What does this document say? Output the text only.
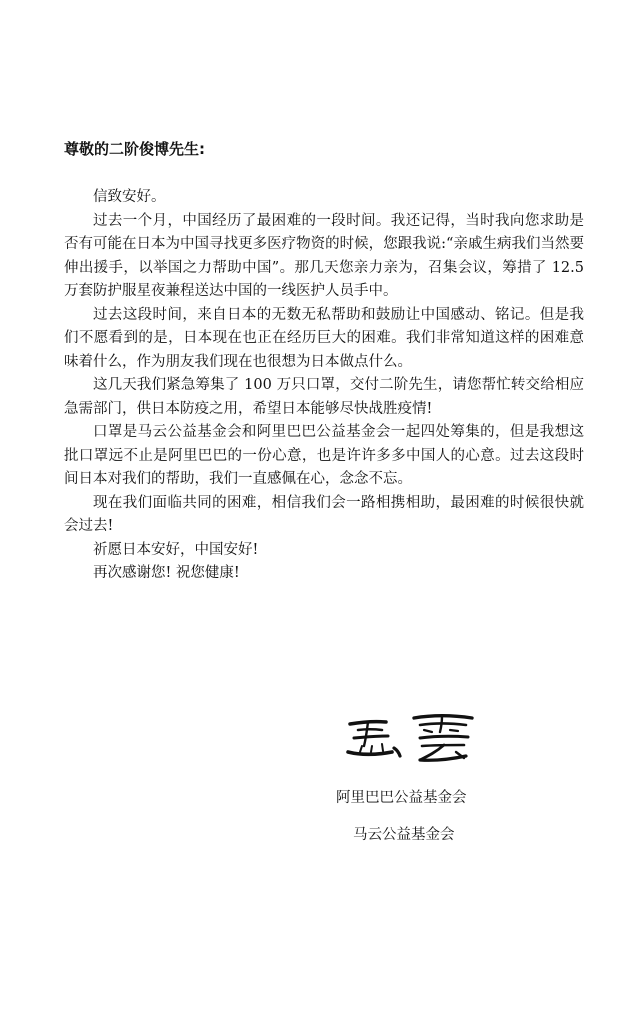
尊敬的二阶俊博先生:

信致安好。

过去一个月，中国经历了最困难的一段时间。我还记得，当时我向您求助是否有可能在日本为中国寻找更多医疗物资的时候，您跟我说:“亲戚生病我们当然要伸出援手，以举国之力帮助中国”。那几天您亲力亲为，召集会议，筹措了 12.5 万套防护服星夜兼程送达中国的一线医护人员手中。

过去这段时间，来自日本的无数无私帮助和鼓励让中国感动、铭记。但是我们不愿看到的是，日本现在也正在经历巨大的困难。我们非常知道这样的困难意味着什么，作为朋友我们现在也很想为日本做点什么。

这几天我们紧急筹集了 100 万只口罩，交付二阶先生，请您帮忙转交给相应急需部门，供日本防疫之用，希望日本能够尽快战胜疫情!

口罩是马云公益基金会和阿里巴巴公益基金会一起四处筹集的，但是我想这批口罩远不止是阿里巴巴的一份心意，也是许许多多中国人的心意。过去这段时间日本对我们的帮助，我们一直感佩在心，念念不忘。

现在我们面临共同的困难，相信我们会一路相携相助，最困难的时候很快就会过去!

祈愿日本安好，中国安好!

再次感谢您! 祝您健康!

阿里巴巴公益基金会
马云公益基金会
